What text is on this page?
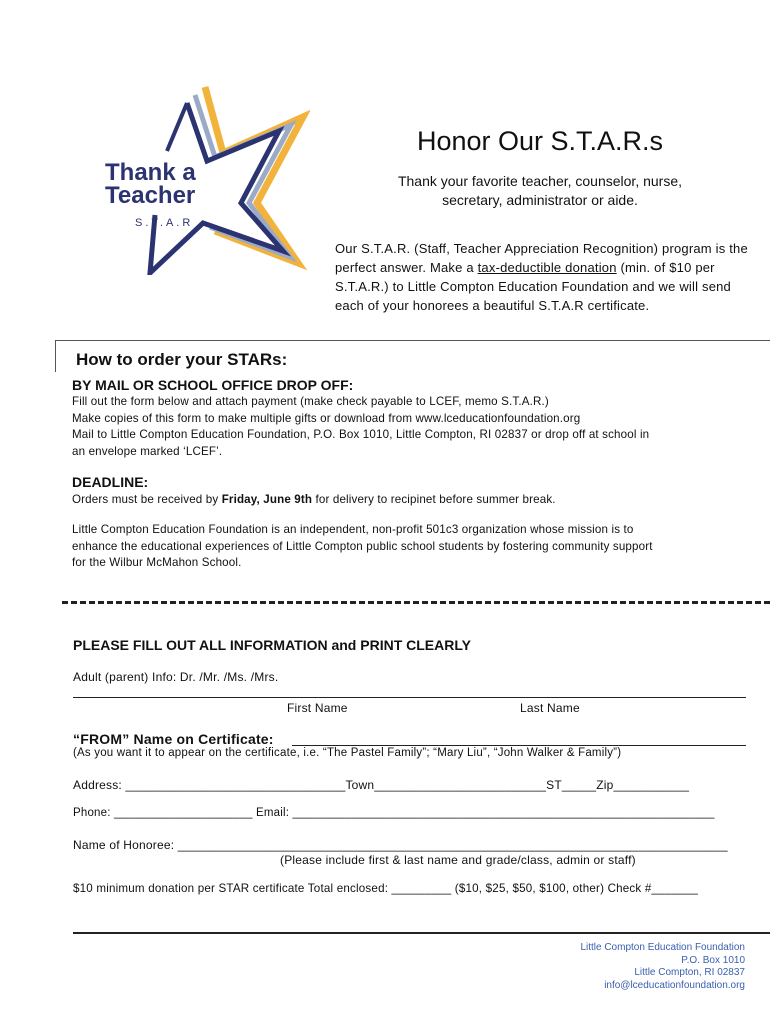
Thank a
Teacher
S.T.A.R
Honor Our S.T.A.R.s
Thank your favorite teacher, counselor, nurse,
secretary, administrator or aide.
Our S.T.A.R. (Staff, Teacher Appreciation Recognition) program is the perfect answer. Make a tax-deductible donation (min. of $10 per S.T.A.R.) to Little Compton Education Foundation and we will send each of your honorees a beautiful S.T.A.R certificate.
How to order your STARs:
BY MAIL OR SCHOOL OFFICE DROP OFF:
Fill out the form below and attach payment (make check payable to LCEF, memo S.T.A.R.)
Make copies of this form to make multiple gifts or download from www.lceducationfoundation.org
Mail to Little Compton Education Foundation, P.O. Box 1010, Little Compton, RI 02837 or drop off at school in
an envelope marked ‘LCEF’.
DEADLINE:
Orders must be received by Friday, June 9th for delivery to recipinet before summer break.
Little Compton Education Foundation is an independent, non-profit 501c3 organization whose mission is to
enhance the educational experiences of Little Compton public school students by fostering community support
for the Wilbur McMahon School.
PLEASE FILL OUT ALL INFORMATION and PRINT CLEARLY
Adult (parent) Info: Dr. /Mr. /Ms. /Mrs.
First Name	Last Name
“FROM” Name on Certificate:
(As you want it to appear on the certificate, i.e. “The Pastel Family”; “Mary Liu”, “John Walker & Family”)
Address: ________________________________Town_________________________ST_____Zip___________
Phone: _____________________ Email: ________________________________________________________________
Name of Honoree: ________________________________________________________________________________
(Please include first & last name and grade/class, admin or staff)
$10 minimum donation per STAR certificate Total enclosed: _________ ($10, $25, $50, $100, other) Check #_______
Little Compton Education Foundation
P.O. Box 1010
Little Compton, RI 02837
info@lceducationfoundation.org
